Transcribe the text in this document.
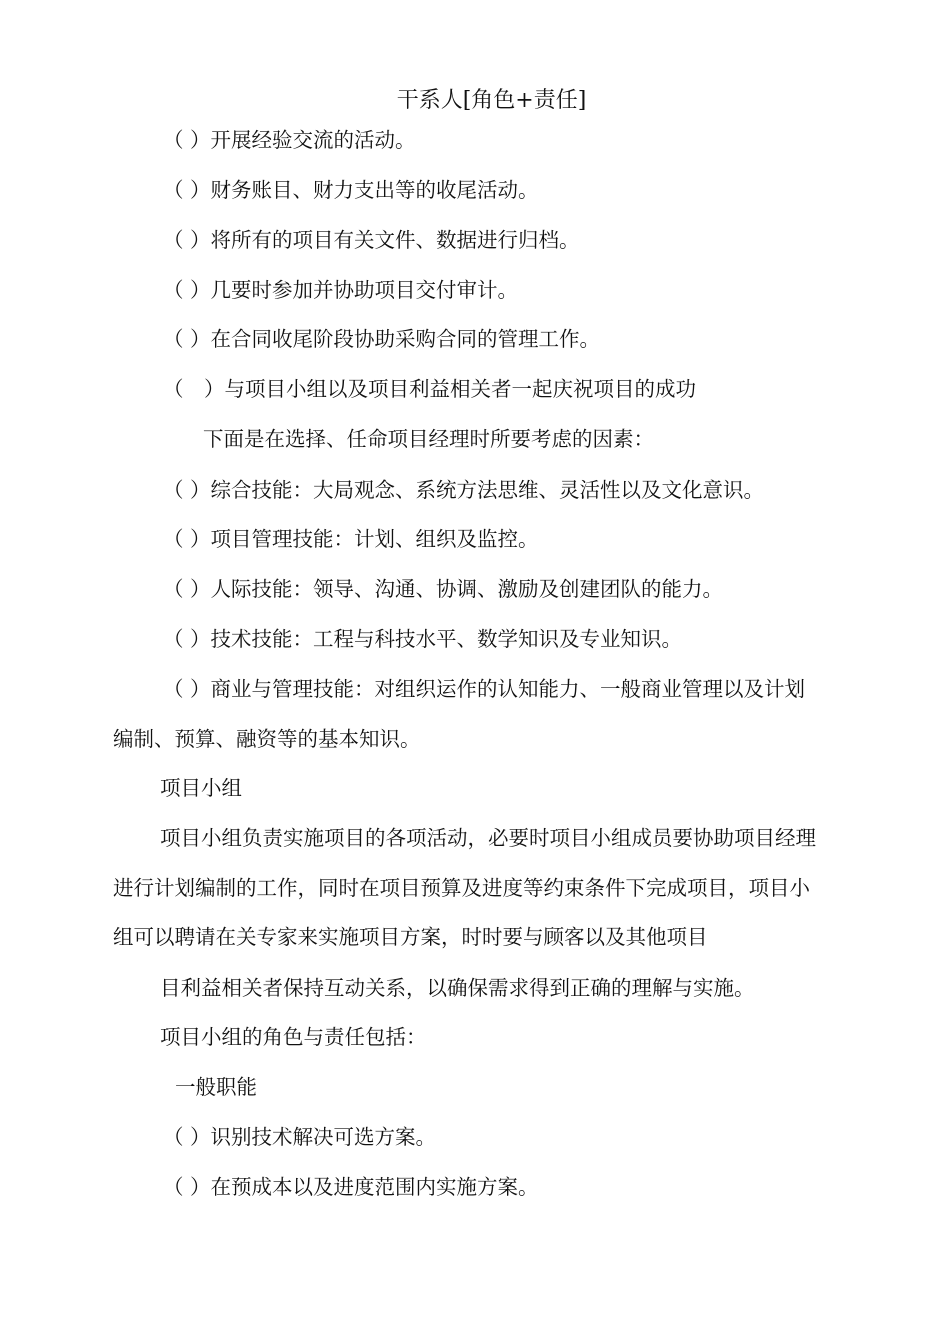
干系人[角色+责任]
（ ）开展经验交流的活动。
（ ）财务账目、财力支出等的收尾活动。
（ ）将所有的项目有关文件、数据进行归档。
（ ）几要时参加并协助项目交付审计。
（ ）在合同收尾阶段协助采购合同的管理工作。
（　）与项目小组以及项目利益相关者一起庆祝项目的成功
下面是在选择、任命项目经理时所要考虑的因素：
（ ）综合技能：大局观念、系统方法思维、灵活性以及文化意识。
（ ）项目管理技能：计划、组织及监控。
（ ）人际技能：领导、沟通、协调、激励及创建团队的能力。
（ ）技术技能：工程与科技水平、数学知识及专业知识。
（ ）商业与管理技能：对组织运作的认知能力、一般商业管理以及计划
编制、预算、融资等的基本知识。
项目小组
项目小组负责实施项目的各项活动，必要时项目小组成员要协助项目经理
进行计划编制的工作，同时在项目预算及进度等约束条件下完成项目，项目小
组可以聘请在关专家来实施项目方案，时时要与顾客以及其他项目
目利益相关者保持互动关系，以确保需求得到正确的理解与实施。
项目小组的角色与责任包括：
一般职能
（ ）识别技术解决可选方案。
（ ）在预成本以及进度范围内实施方案。
